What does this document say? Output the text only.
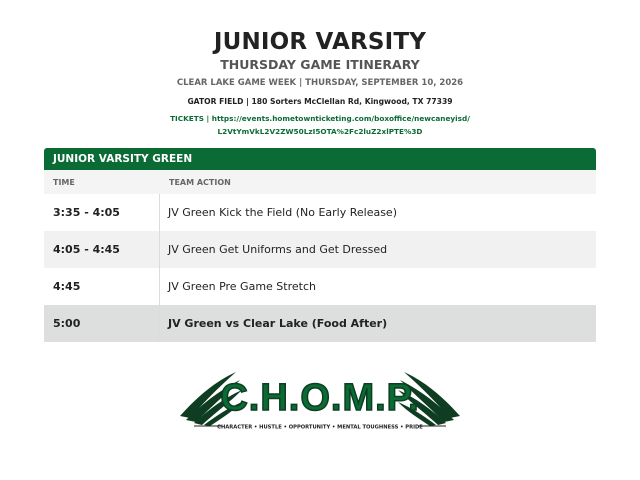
JUNIOR VARSITY
THURSDAY GAME ITINERARY
CLEAR LAKE GAME WEEK | THURSDAY, SEPTEMBER 10, 2026
GATOR FIELD | 180 Sorters McClellan Rd, Kingwood, TX 77339
TICKETS | https://events.hometownticketing.com/boxoffice/newcaneyisd/
L2VtYmVkL2V2ZW50LzI5OTA%2Fc2luZ2xlPTE%3D
JUNIOR VARSITY GREEN
TIME	TEAM ACTION
3:35 - 4:05	JV Green Kick the Field (No Early Release)
4:05 - 4:45	JV Green Get Uniforms and Get Dressed
4:45	JV Green Pre Game Stretch
5:00	JV Green vs Clear Lake (Food After)
C.H.O.M.P.
CHARACTER • HUSTLE • OPPORTUNITY • MENTAL TOUGHNESS • PRIDE
